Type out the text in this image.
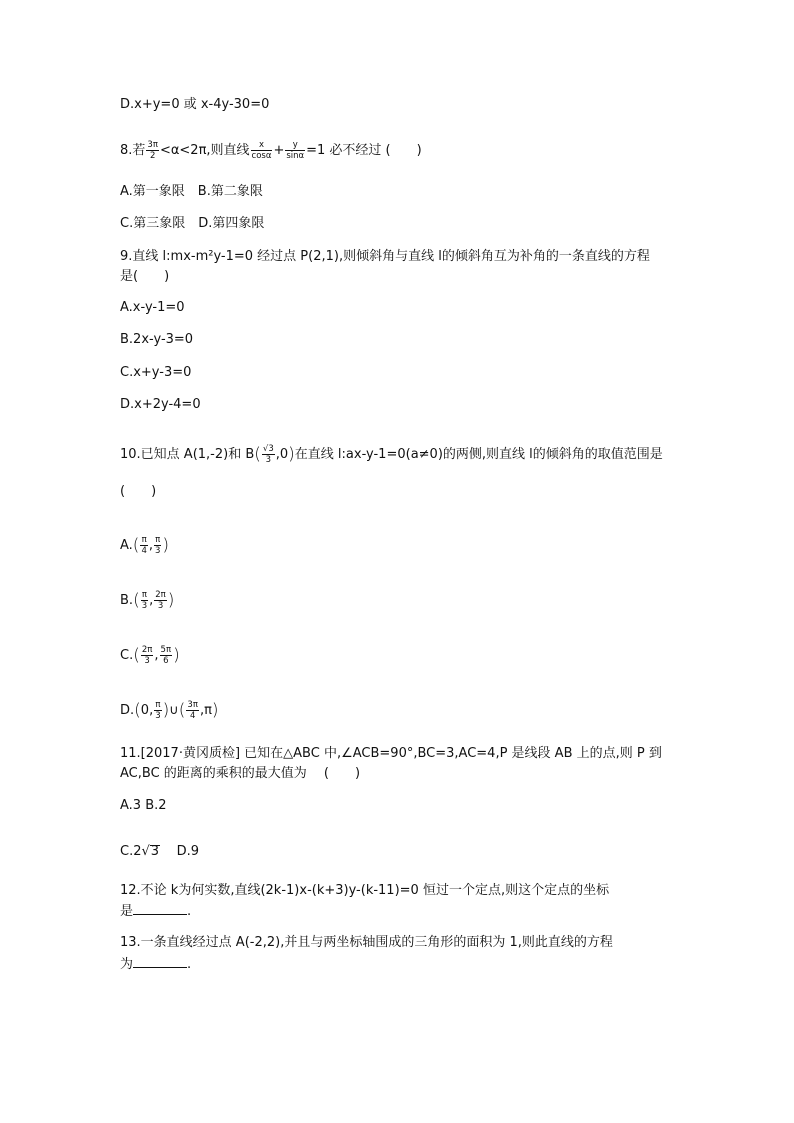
D.x+y=0 或 x-4y-30=0
8.若 $\frac{3\pi}{2} <\alpha<2\pi$,则直线 $\frac{x}{\cos\alpha} + \frac{y}{\sin\alpha} =1$ 必不经过 (　　)
A.第一象限　B.第二象限
C.第三象限　D.第四象限
9.直线 l:mx-m²y-1=0 经过点 P(2,1),则倾斜角与直线 l的倾斜角互为补角的一条直线的方程
是(　　)
A.x-y-1=0
B.2x-y-3=0
C.x+y-3=0
D.x+2y-4=0
10.已知点 A(1,-2)和 $B( \frac{√3}{3} ,0)$在直线 l:ax-y-1=0(a≠0)的两侧,则直线 l的倾斜角的取值范围是
(　　)
$A.( \frac{\pi}{4}$ , $\frac{\pi}{3}$ )
$B.( \frac{\pi}{3}$ , $\frac{2\pi}{3}$ )
$C.( \frac{2\pi}{3}$ , $\frac{5\pi}{6}$ )
D.(0, $\frac{\pi}{3}$ )∪( $\frac{3\pi}{4} ,\pi$)
11.[2017·黄冈质检] 已知在△ABC 中,∠ACB=90°,BC=3,AC=4,P 是线段 AB 上的点,则 P 到
AC,BC 的距离的乘积的最大值为　 (　　)
A.3 B.2
C.2√3 D.9
12.不论 k为何实数,直线(2k-1)x-(k+3)y-(k-11)=0 恒过一个定点,则这个定点的坐标
是	.
13.一条直线经过点 A(-2,2),并且与两坐标轴围成的三角形的面积为 1,则此直线的方程
为	.
